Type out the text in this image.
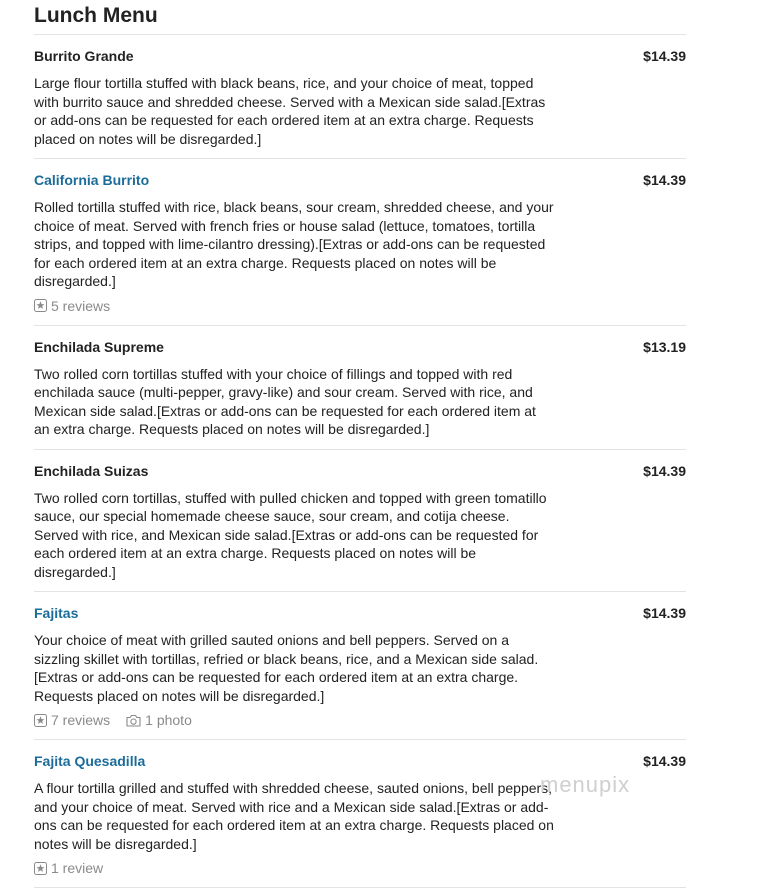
Lunch Menu
Burrito Grande	$14.39
Large flour tortilla stuffed with black beans, rice, and your choice of meat, topped with burrito sauce and shredded cheese. Served with a Mexican side salad.[Extras or add-ons can be requested for each ordered item at an extra charge. Requests placed on notes will be disregarded.]
California Burrito	$14.39
Rolled tortilla stuffed with rice, black beans, sour cream, shredded cheese, and your choice of meat. Served with french fries or house salad (lettuce, tomatoes, tortilla strips, and topped with lime-cilantro dressing).[Extras or add-ons can be requested for each ordered item at an extra charge. Requests placed on notes will be disregarded.]
5 reviews
Enchilada Supreme	$13.19
Two rolled corn tortillas stuffed with your choice of fillings and topped with red enchilada sauce (multi-pepper, gravy-like) and sour cream. Served with rice, and Mexican side salad.[Extras or add-ons can be requested for each ordered item at an extra charge. Requests placed on notes will be disregarded.]
Enchilada Suizas	$14.39
Two rolled corn tortillas, stuffed with pulled chicken and topped with green tomatillo sauce, our special homemade cheese sauce, sour cream, and cotija cheese. Served with rice, and Mexican side salad.[Extras or add-ons can be requested for each ordered item at an extra charge. Requests placed on notes will be disregarded.]
Fajitas	$14.39
Your choice of meat with grilled sauted onions and bell peppers. Served on a sizzling skillet with tortillas, refried or black beans, rice, and a Mexican side salad.[Extras or add-ons can be requested for each ordered item at an extra charge. Requests placed on notes will be disregarded.]
7 reviews	1 photo
Fajita Quesadilla	$14.39
A flour tortilla grilled and stuffed with shredded cheese, sauted onions, bell peppers, and your choice of meat. Served with rice and a Mexican side salad.[Extras or add-ons can be requested for each ordered item at an extra charge. Requests placed on notes will be disregarded.]
1 review
menupix
